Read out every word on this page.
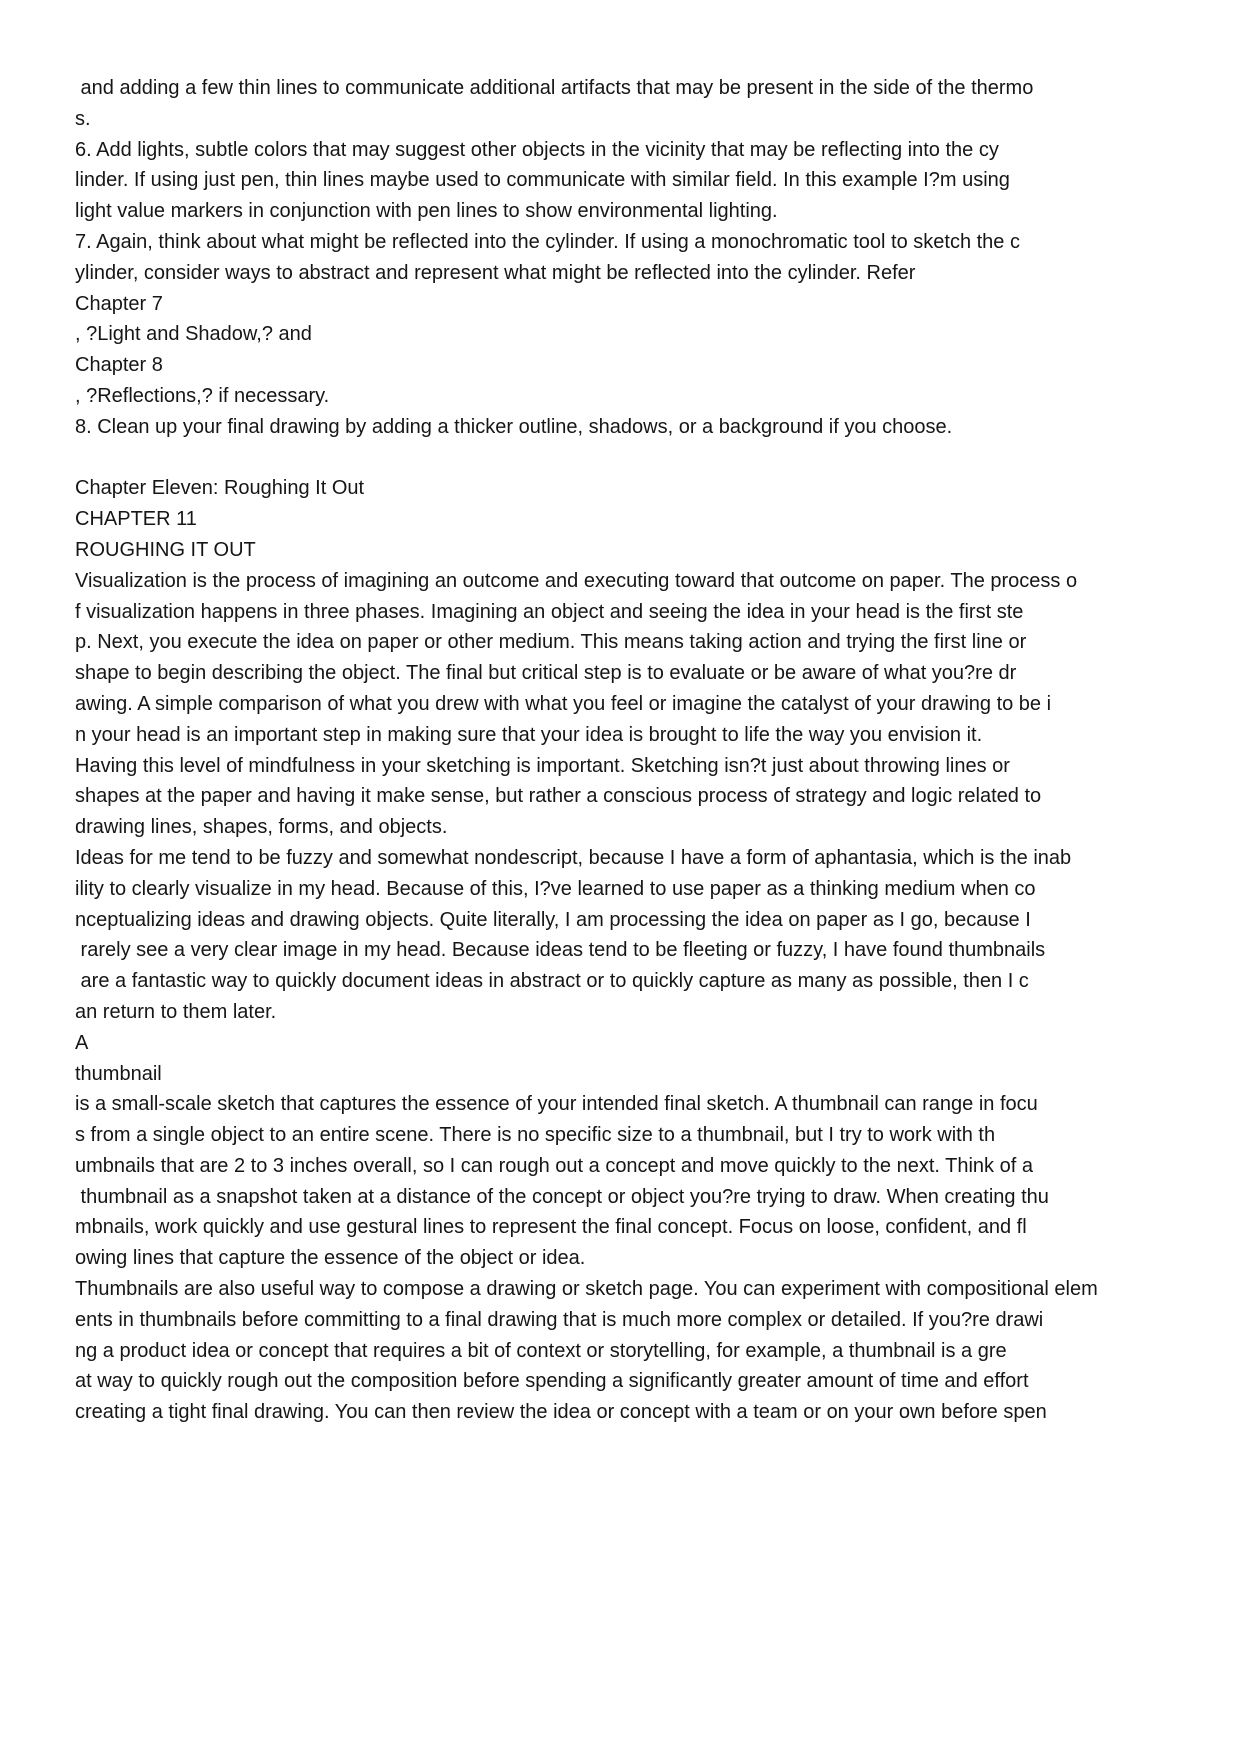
and adding a few thin lines to communicate additional artifacts that may be present in the side of the thermo
s.
6. Add lights, subtle colors that may suggest other objects in the vicinity that may be reflecting into the cy
linder. If using just pen, thin lines maybe used to communicate with similar field. In this example I?m using
light value markers in conjunction with pen lines to show environmental lighting.
7. Again, think about what might be reflected into the cylinder. If using a monochromatic tool to sketch the c
ylinder, consider ways to abstract and represent what might be reflected into the cylinder. Refer
Chapter 7
, ?Light and Shadow,? and
Chapter 8
, ?Reflections,? if necessary.
8. Clean up your final drawing by adding a thicker outline, shadows, or a background if you choose.
Chapter Eleven: Roughing It Out
CHAPTER 11
ROUGHING IT OUT
Visualization is the process of imagining an outcome and executing toward that outcome on paper. The process o
f visualization happens in three phases. Imagining an object and seeing the idea in your head is the first ste
p. Next, you execute the idea on paper or other medium. This means taking action and trying the first line or
shape to begin describing the object. The final but critical step is to evaluate or be aware of what you?re dr
awing. A simple comparison of what you drew with what you feel or imagine the catalyst of your drawing to be i
n your head is an important step in making sure that your idea is brought to life the way you envision it.
Having this level of mindfulness in your sketching is important. Sketching isn?t just about throwing lines or
shapes at the paper and having it make sense, but rather a conscious process of strategy and logic related to
drawing lines, shapes, forms, and objects.
Ideas for me tend to be fuzzy and somewhat nondescript, because I have a form of aphantasia, which is the inab
ility to clearly visualize in my head. Because of this, I?ve learned to use paper as a thinking medium when co
nceptualizing ideas and drawing objects. Quite literally, I am processing the idea on paper as I go, because I
rarely see a very clear image in my head. Because ideas tend to be fleeting or fuzzy, I have found thumbnails
are a fantastic way to quickly document ideas in abstract or to quickly capture as many as possible, then I c
an return to them later.
A
thumbnail
is a small-scale sketch that captures the essence of your intended final sketch. A thumbnail can range in focu
s from a single object to an entire scene. There is no specific size to a thumbnail, but I try to work with th
umbnails that are 2 to 3 inches overall, so I can rough out a concept and move quickly to the next. Think of a
thumbnail as a snapshot taken at a distance of the concept or object you?re trying to draw. When creating thu
mbnails, work quickly and use gestural lines to represent the final concept. Focus on loose, confident, and fl
owing lines that capture the essence of the object or idea.
Thumbnails are also useful way to compose a drawing or sketch page. You can experiment with compositional elem
ents in thumbnails before committing to a final drawing that is much more complex or detailed. If you?re drawi
ng a product idea or concept that requires a bit of context or storytelling, for example, a thumbnail is a gre
at way to quickly rough out the composition before spending a significantly greater amount of time and effort
creating a tight final drawing. You can then review the idea or concept with a team or on your own before spen
